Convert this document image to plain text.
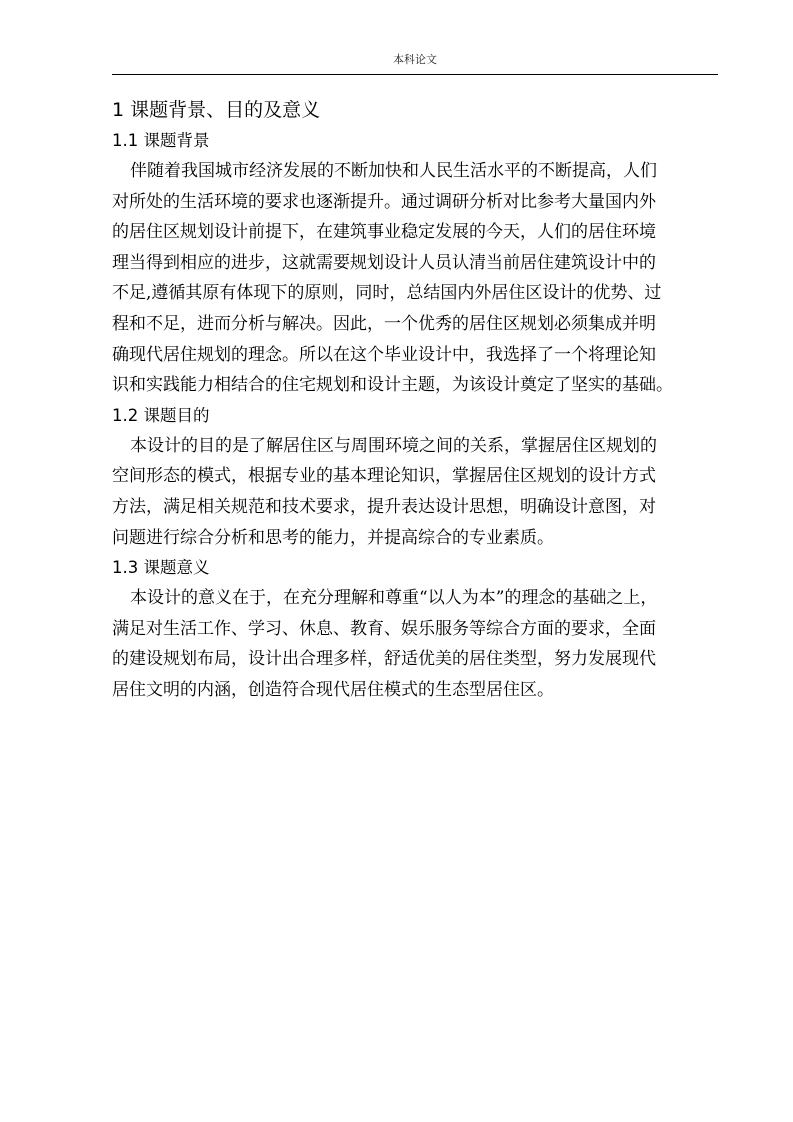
本科论文
1 课题背景、目的及意义
1.1 课题背景
伴随着我国城市经济发展的不断加快和人民生活水平的不断提高，人们
对所处的生活环境的要求也逐渐提升。通过调研分析对比参考大量国内外
的居住区规划设计前提下，在建筑事业稳定发展的今天，人们的居住环境
理当得到相应的进步，这就需要规划设计人员认清当前居住建筑设计中的
不足,遵循其原有体现下的原则，同时，总结国内外居住区设计的优势、过
程和不足，进而分析与解决。因此，一个优秀的居住区规划必须集成并明
确现代居住规划的理念。所以在这个毕业设计中，我选择了一个将理论知
识和实践能力相结合的住宅规划和设计主题，为该设计奠定了坚实的基础。
1.2 课题目的
本设计的目的是了解居住区与周围环境之间的关系，掌握居住区规划的
空间形态的模式，根据专业的基本理论知识，掌握居住区规划的设计方式
方法，满足相关规范和技术要求，提升表达设计思想，明确设计意图，对
问题进行综合分析和思考的能力，并提高综合的专业素质。
1.3 课题意义
本设计的意义在于，在充分理解和尊重“以人为本”的理念的基础之上，
满足对生活工作、学习、休息、教育、娱乐服务等综合方面的要求，全面
的建设规划布局，设计出合理多样，舒适优美的居住类型，努力发展现代
居住文明的内涵，创造符合现代居住模式的生态型居住区。
